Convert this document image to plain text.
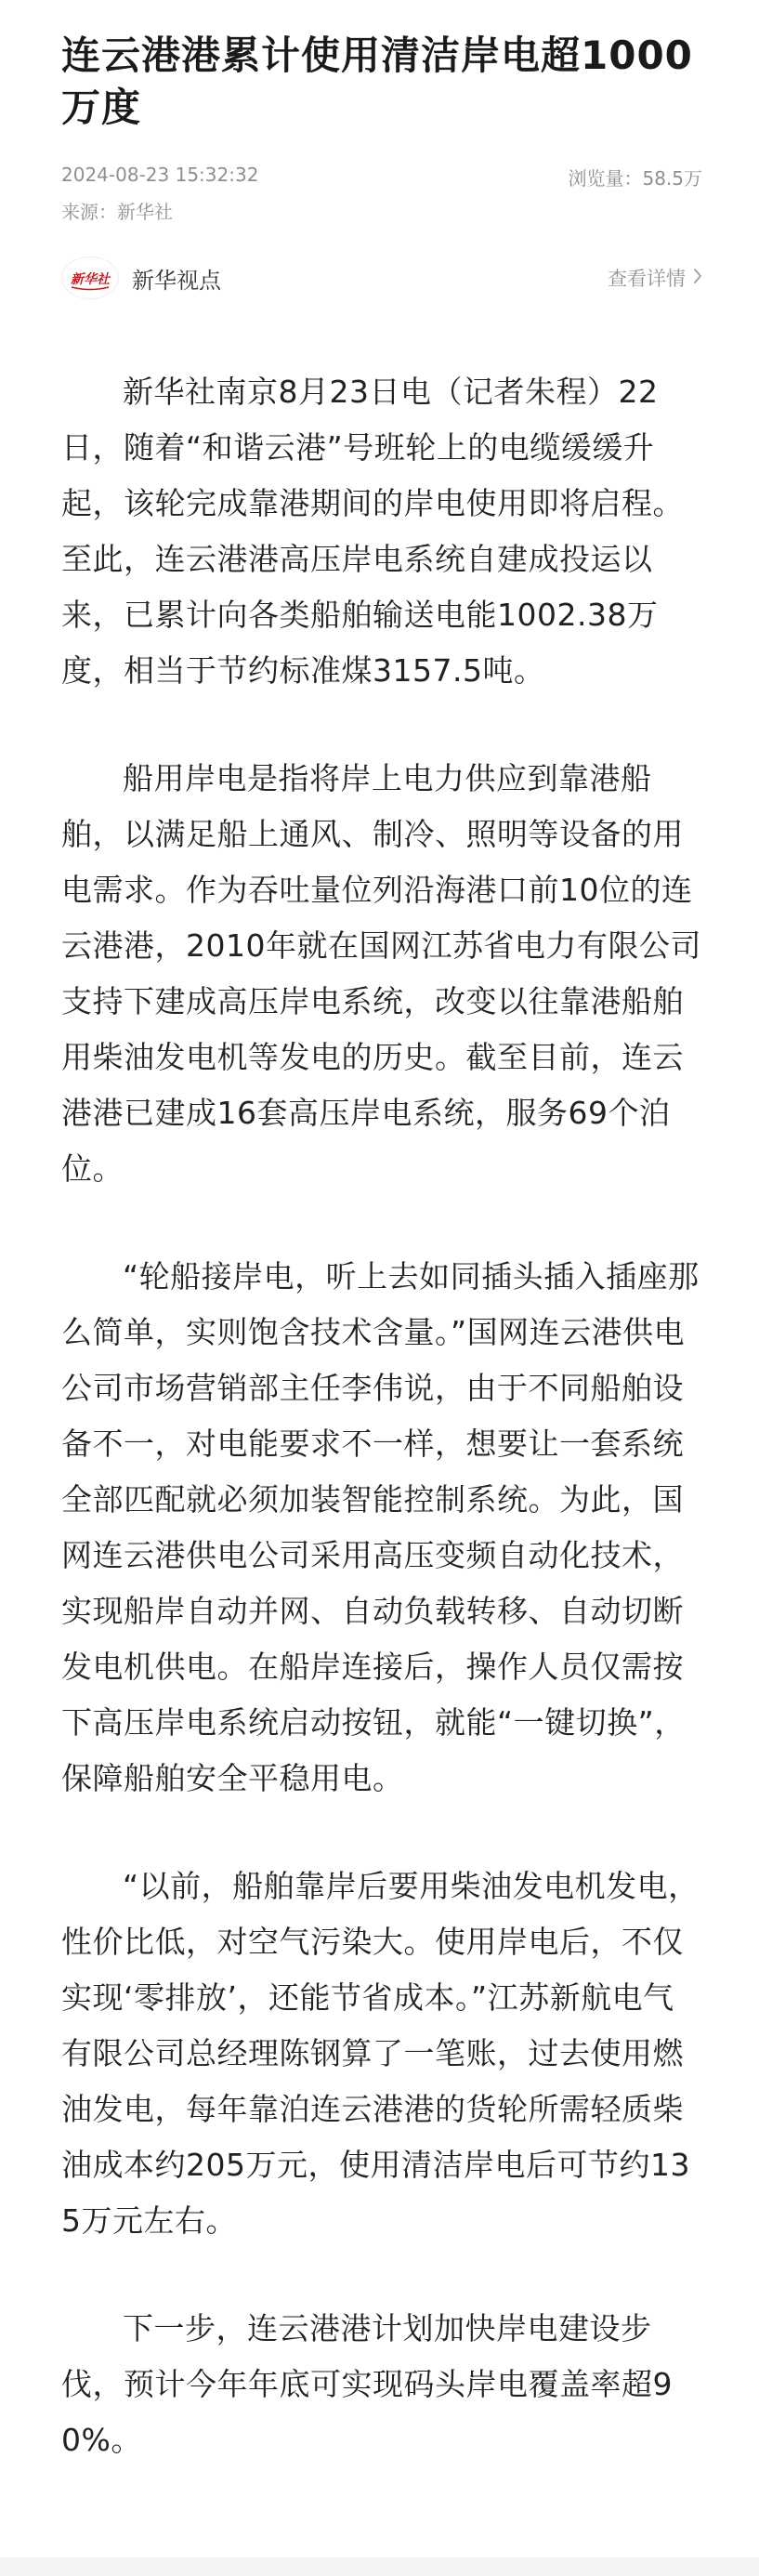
连云港港累计使用清洁岸电超1000万度
2024-08-23 15:32:32	浏览量：58.5万
来源：新华社
新华社 新华视点	查看详情

新华社南京8月23日电（记者朱程）22日，随着“和谐云港”号班轮上的电缆缓缓升起，该轮完成靠港期间的岸电使用即将启程。至此，连云港港高压岸电系统自建成投运以来，已累计向各类船舶输送电能1002.38万度，相当于节约标准煤3157.5吨。

船用岸电是指将岸上电力供应到靠港船舶，以满足船上通风、制冷、照明等设备的用电需求。作为吞吐量位列沿海港口前10位的连云港港，2010年就在国网江苏省电力有限公司支持下建成高压岸电系统，改变以往靠港船舶用柴油发电机等发电的历史。截至目前，连云港港已建成16套高压岸电系统，服务69个泊位。

“轮船接岸电，听上去如同插头插入插座那么简单，实则饱含技术含量。”国网连云港供电公司市场营销部主任李伟说，由于不同船舶设备不一，对电能要求不一样，想要让一套系统全部匹配就必须加装智能控制系统。为此，国网连云港供电公司采用高压变频自动化技术，实现船岸自动并网、自动负载转移、自动切断发电机供电。在船岸连接后，操作人员仅需按下高压岸电系统启动按钮，就能“一键切换”，保障船舶安全平稳用电。

“以前，船舶靠岸后要用柴油发电机发电，性价比低，对空气污染大。使用岸电后，不仅实现‘零排放’，还能节省成本。”江苏新航电气有限公司总经理陈钢算了一笔账，过去使用燃油发电，每年靠泊连云港港的货轮所需轻质柴油成本约205万元，使用清洁岸电后可节约135万元左右。

下一步，连云港港计划加快岸电建设步伐，预计今年年底可实现码头岸电覆盖率超90%。
